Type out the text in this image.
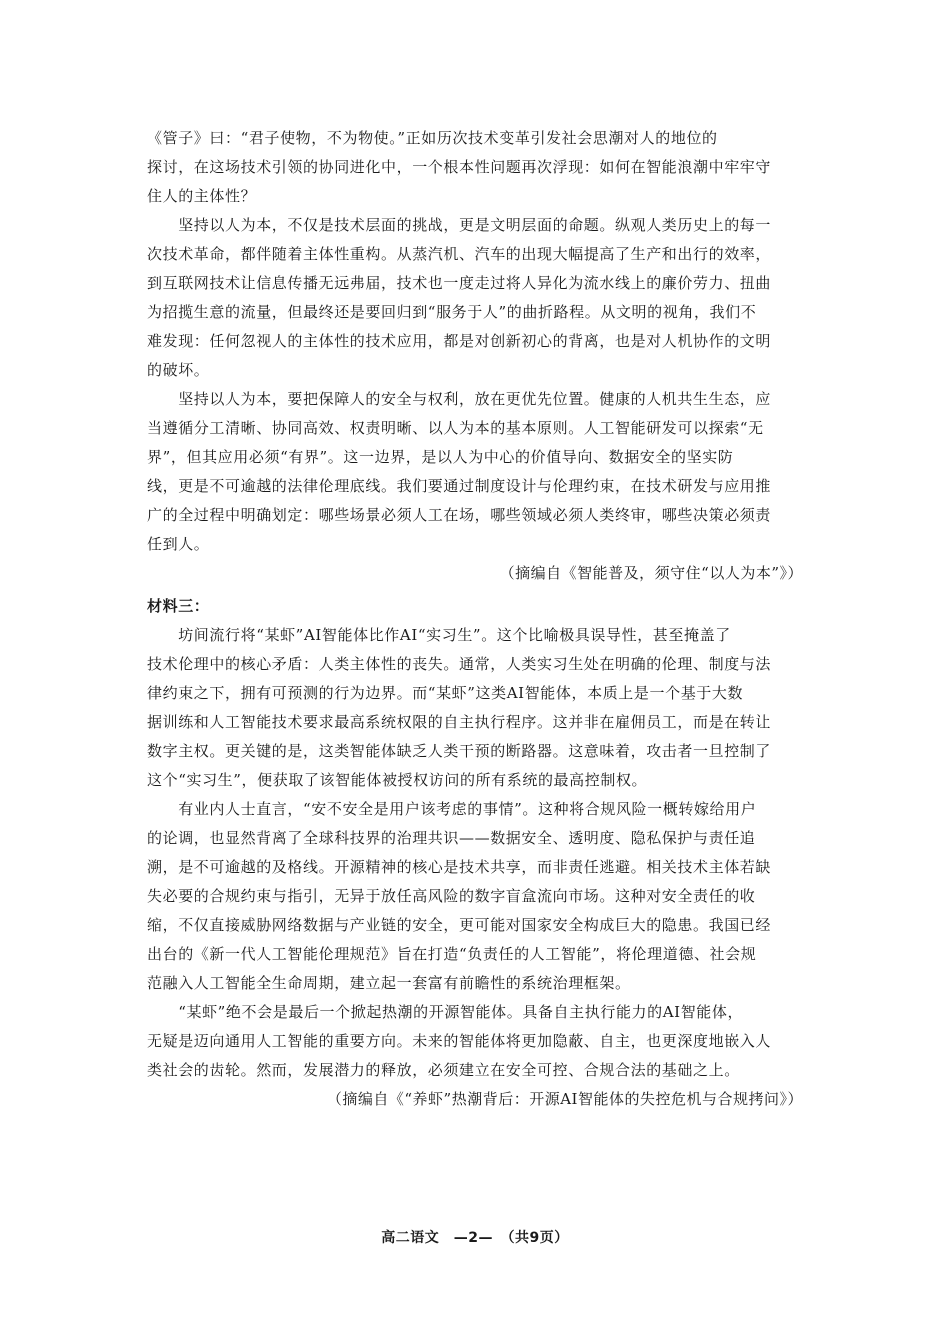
《管子》曰：“君子使物，不为物使。”正如历次技术变革引发社会思潮对人的地位的
探讨，在这场技术引领的协同进化中，一个根本性问题再次浮现：如何在智能浪潮中牢牢守
住人的主体性？
　　坚持以人为本，不仅是技术层面的挑战，更是文明层面的命题。纵观人类历史上的每一
次技术革命，都伴随着主体性重构。从蒸汽机、汽车的出现大幅提高了生产和出行的效率，
到互联网技术让信息传播无远弗届，技术也一度走过将人异化为流水线上的廉价劳力、扭曲
为招揽生意的流量，但最终还是要回归到“服务于人”的曲折路程。从文明的视角，我们不
难发现：任何忽视人的主体性的技术应用，都是对创新初心的背离，也是对人机协作的文明
的破坏。
　　坚持以人为本，要把保障人的安全与权利，放在更优先位置。健康的人机共生生态，应
当遵循分工清晰、协同高效、权责明晰、以人为本的基本原则。人工智能研发可以探索“无
界”，但其应用必须“有界”。这一边界，是以人为中心的价值导向、数据安全的坚实防
线，更是不可逾越的法律伦理底线。我们要通过制度设计与伦理约束，在技术研发与应用推
广的全过程中明确划定：哪些场景必须人工在场，哪些领域必须人类终审，哪些决策必须责
任到人。

（摘编自《智能普及，须守住“以人为本”》）

材料三：

　　坊间流行将“某虾”AI智能体比作AI“实习生”。这个比喻极具误导性，甚至掩盖了
技术伦理中的核心矛盾：人类主体性的丧失。通常，人类实习生处在明确的伦理、制度与法
律约束之下，拥有可预测的行为边界。而“某虾”这类AI智能体，本质上是一个基于大数
据训练和人工智能技术要求最高系统权限的自主执行程序。这并非在雇佣员工，而是在转让
数字主权。更关键的是，这类智能体缺乏人类干预的断路器。这意味着，攻击者一旦控制了
这个“实习生”，便获取了该智能体被授权访问的所有系统的最高控制权。
　　有业内人士直言，“安不安全是用户该考虑的事情”。这种将合规风险一概转嫁给用户
的论调，也显然背离了全球科技界的治理共识——数据安全、透明度、隐私保护与责任追
溯，是不可逾越的及格线。开源精神的核心是技术共享，而非责任逃避。相关技术主体若缺
失必要的合规约束与指引，无异于放任高风险的数字盲盒流向市场。这种对安全责任的收
缩，不仅直接威胁网络数据与产业链的安全，更可能对国家安全构成巨大的隐患。我国已经
出台的《新一代人工智能伦理规范》旨在打造“负责任的人工智能”，将伦理道德、社会规
范融入人工智能全生命周期，建立起一套富有前瞻性的系统治理框架。
　　“某虾”绝不会是最后一个掀起热潮的开源智能体。具备自主执行能力的AI智能体，
无疑是迈向通用人工智能的重要方向。未来的智能体将更加隐蔽、自主，也更深度地嵌入人
类社会的齿轮。然而，发展潜力的释放，必须建立在安全可控、合规合法的基础之上。

（摘编自《“养虾”热潮背后：开源AI智能体的失控危机与合规拷问》）

高二语文　—2—　（共9页）
